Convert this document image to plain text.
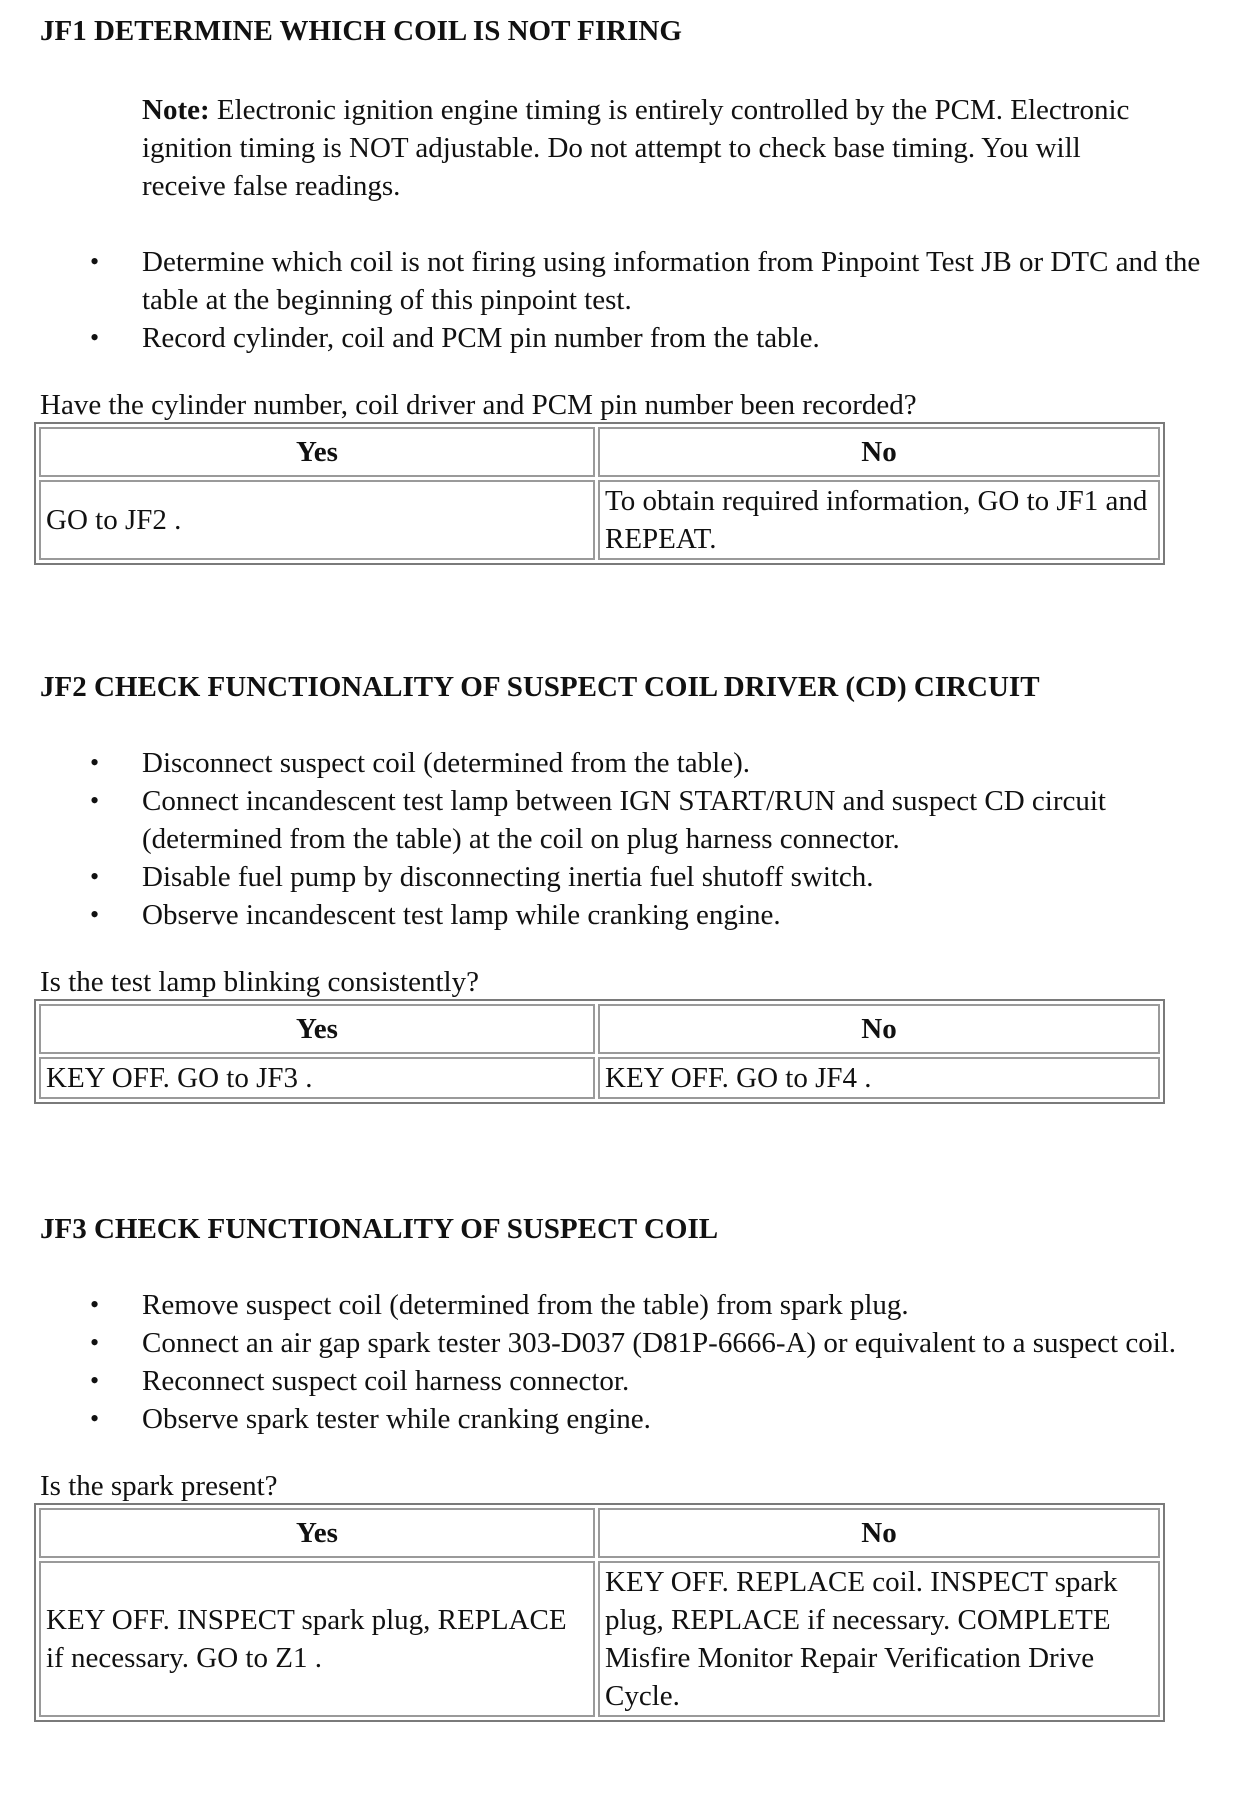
JF1 DETERMINE WHICH COIL IS NOT FIRING

Note: Electronic ignition engine timing is entirely controlled by the PCM. Electronic ignition timing is NOT adjustable. Do not attempt to check base timing. You will receive false readings.

• Determine which coil is not firing using information from Pinpoint Test JB or DTC and the table at the beginning of this pinpoint test.
• Record cylinder, coil and PCM pin number from the table.

Have the cylinder number, coil driver and PCM pin number been recorded?

Yes	No
GO to JF2 .	To obtain required information, GO to JF1 and REPEAT.
JF2 CHECK FUNCTIONALITY OF SUSPECT COIL DRIVER (CD) CIRCUIT
• Disconnect suspect coil (determined from the table).
• Connect incandescent test lamp between IGN START/RUN and suspect CD circuit (determined from the table) at the coil on plug harness connector.
• Disable fuel pump by disconnecting inertia fuel shutoff switch.
• Observe incandescent test lamp while cranking engine.

Is the test lamp blinking consistently?

Yes	No
KEY OFF. GO to JF3 .	KEY OFF. GO to JF4 .
JF3 CHECK FUNCTIONALITY OF SUSPECT COIL
• Remove suspect coil (determined from the table) from spark plug.
• Connect an air gap spark tester 303-D037 (D81P-6666-A) or equivalent to a suspect coil.
• Reconnect suspect coil harness connector.
• Observe spark tester while cranking engine.

Is the spark present?

Yes	No
KEY OFF. INSPECT spark plug, REPLACE if necessary. GO to Z1 .	KEY OFF. REPLACE coil. INSPECT spark plug, REPLACE if necessary. COMPLETE Misfire Monitor Repair Verification Drive Cycle.
